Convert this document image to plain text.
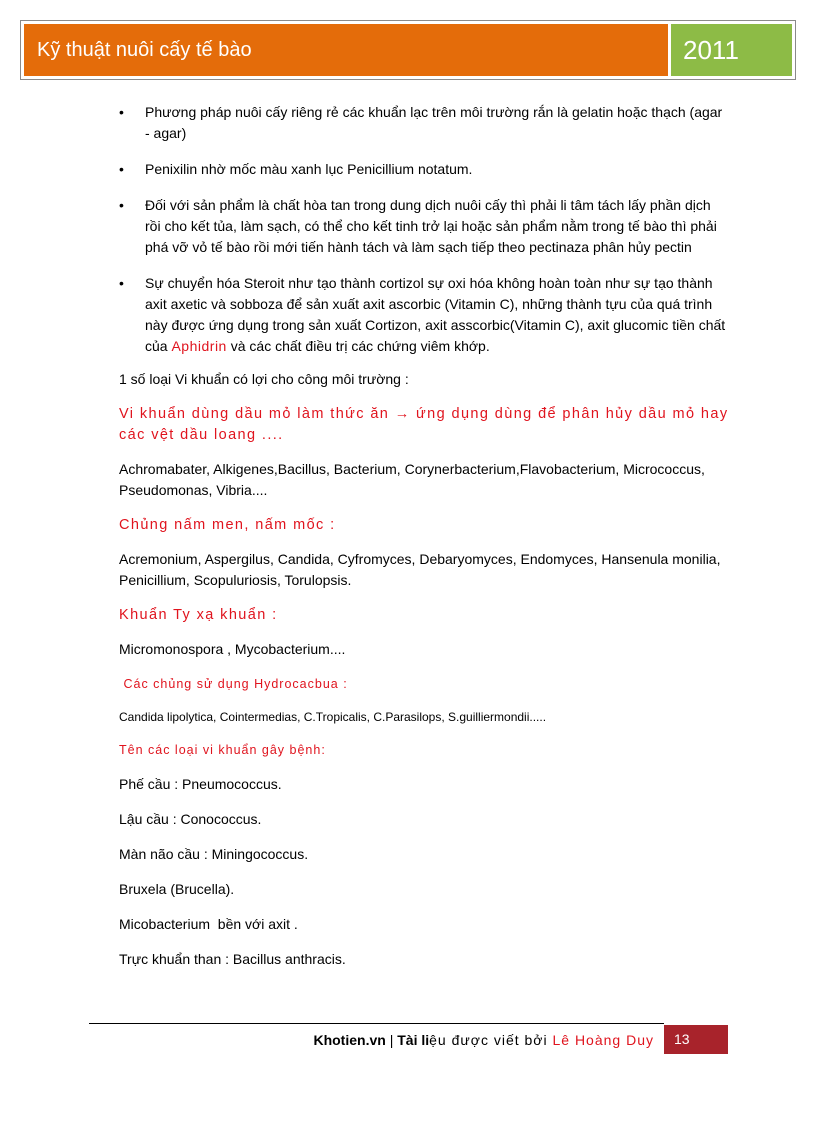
Kỹ thuật nuôi cấy tế bào	2011
• Phương pháp nuôi cấy riêng rẻ các khuẩn lạc trên môi trường rắn là gelatin hoặc thạch (agar - agar)
• Penixilin nhờ mốc màu xanh lục Penicillium notatum.
• Đối với sản phẩm là chất hòa tan trong dung dịch nuôi cấy thì phải li tâm tách lấy phần dịch rồi cho kết tủa, làm sạch, có thể cho kết tinh trở lại hoặc sản phẩm nằm trong tế bào thì phải phá vỡ vỏ tế bào rồi mới tiến hành tách và làm sạch tiếp theo pectinaza phân hủy pectin
• Sự chuyển hóa Steroit như tạo thành cortizol sự oxi hóa không hoàn toàn như sự tạo thành axit axetic và sobboza để sản xuất axit ascorbic (Vitamin C), những thành tựu của quá trình này được ứng dụng trong sản xuất Cortizon, axit asscorbic(Vitamin C), axit glucomic tiền chất của Aphidrin và các chất điều trị các chứng viêm khớp.

1 số loại Vi khuẩn có lợi cho công môi trường :

Vi khuẩn dùng dầu mỏ làm thức ăn → ứng dụng dùng để phân hủy dầu mỏ hay các vệt dầu loang ....

Achromabater, Alkigenes,Bacillus, Bacterium, Corynerbacterium,Flavobacterium, Micrococcus, Pseudomonas, Vibria....

Chủng nấm men, nấm mốc :

Acremonium, Aspergilus, Candida, Cyfromyces, Debaryomyces, Endomyces, Hansenula monilia, Penicillium, Scopuluriosis, Torulopsis.

Khuẩn Ty xạ khuẩn :

Micromonospora , Mycobacterium....

Các chủng sử dụng Hydrocacbua :

Candida lipolytica, Cointermedias, C.Tropicalis, C.Parasilops, S.guilliermondii.....

Tên các loại vi khuẩn gây bệnh:

Phế cầu : Pneumococcus.

Lậu cầu : Conococcus.

Màn não cầu : Miningococcus.

Bruxela (Brucella).

Micobacterium  bền với axit .

Trực khuẩn than : Bacillus anthracis.

Khotien.vn | Tài liệu được viết bởi Lê Hoàng Duy	13
